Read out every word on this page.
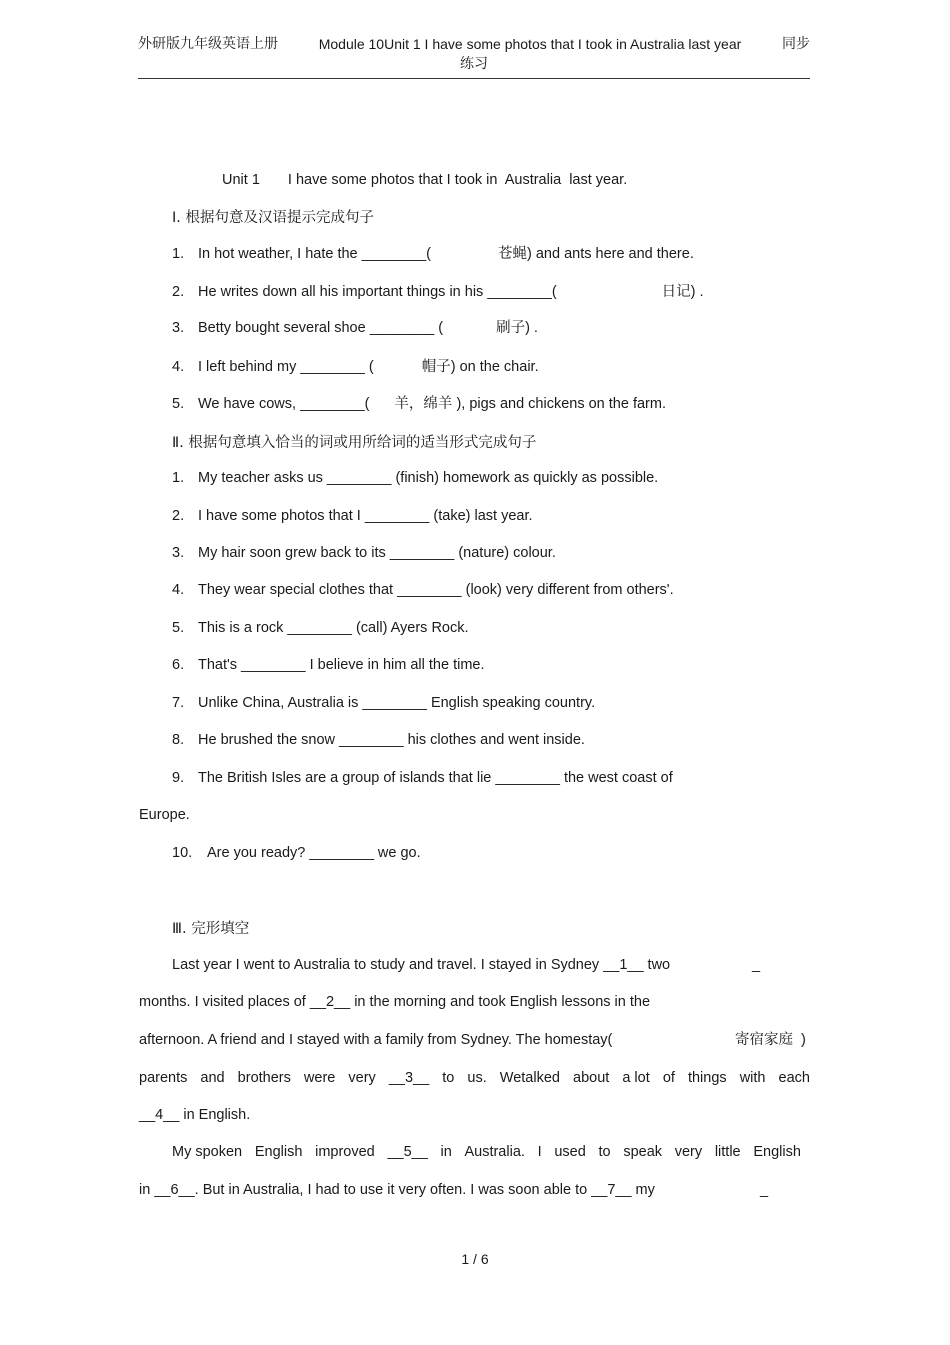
外研版九年级英语上册	Module 10Unit 1 I have some photos that I took in Australia last year	同步
练习
Unit 1 I have some photos that I took in  Australia  last year.
Ⅰ. 根据句意及汉语提示完成句子
1. In hot weather, I hate the ________(	苍蝇) and ants here and there.
2. He writes down all his important things in his ________(	日记) .
3. Betty bought several shoe ________ (	刷子) .
4. I left behind my ________ (	帽子) on the chair.
5. We have cows, ________( 羊，绵羊 ), pigs and chickens on the farm.
Ⅱ. 根据句意填入恰当的词或用所给词的适当形式完成句子
1. My teacher asks us ________ (finish) homework as quickly as possible.
2. I have some photos that I ________ (take) last year.
3. My hair soon grew back to its ________ (nature) colour.
4. They wear special clothes that ________ (look) very different from others'.
5. This is a rock ________ (call) Ayers Rock.
6. That's ________ I believe in him all the time.
7. Unlike China, Australia is ________ English speaking country.
8. He brushed the snow ________ his clothes and went inside.
9. The British Isles are a group of islands that lie ________ the west coast of
Europe.
10. Are you ready? ________ we go.
Ⅲ. 完形填空
Last year I went to Australia to study and travel. I stayed in Sydney __1__ two	_
months. I visited places of __2__ in the morning and took English lessons in the
afternoon. A friend and I stayed with a family from Sydney. The homestay(	寄宿家庭 )
parents and brothers were very __3__ to us. Wetalked about a lot of things with each
__4__ in English.
My spoken English improved __5__ in Australia. I used to speak very little English
in __6__. But in Australia, I had to use it very often. I was soon able to __7__ my	_
1 / 6
